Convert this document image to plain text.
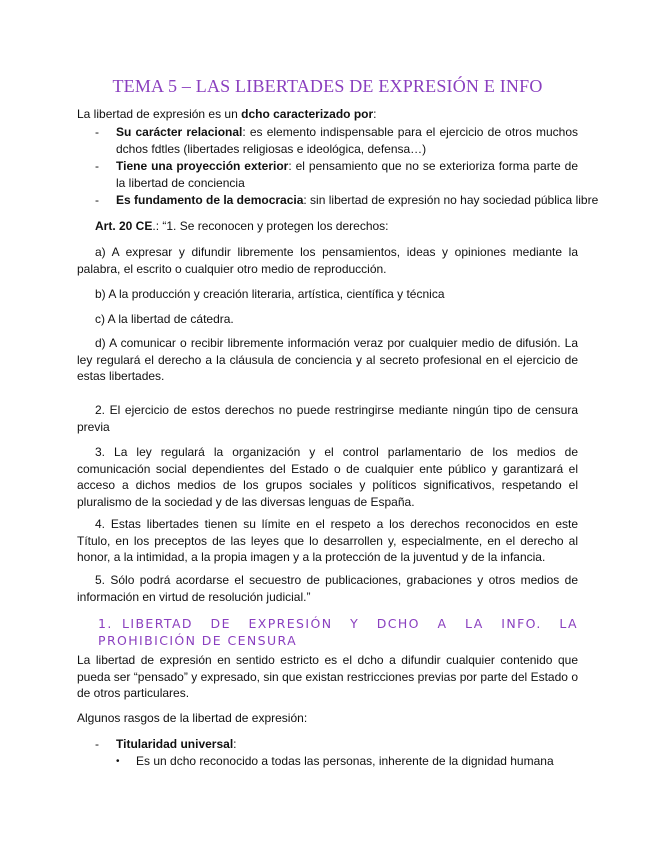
TEMA 5 – LAS LIBERTADES DE EXPRESIÓN E INFO
La libertad de expresión es un dcho caracterizado por:
- Su carácter relacional: es elemento indispensable para el ejercicio de otros muchos dchos fdtles (libertades religiosas e ideológica, defensa…)
- Tiene una proyección exterior: el pensamiento que no se exterioriza forma parte de la libertad de conciencia
- Es fundamento de la democracia: sin libertad de expresión no hay sociedad pública libre
Art. 20 CE.: “1. Se reconocen y protegen los derechos:
a) A expresar y difundir libremente los pensamientos, ideas y opiniones mediante la palabra, el escrito o cualquier otro medio de reproducción.
b) A la producción y creación literaria, artística, científica y técnica
c) A la libertad de cátedra.
d) A comunicar o recibir libremente información veraz por cualquier medio de difusión. La ley regulará el derecho a la cláusula de conciencia y al secreto profesional en el ejercicio de estas libertades.
2. El ejercicio de estos derechos no puede restringirse mediante ningún tipo de censura previa
3. La ley regulará la organización y el control parlamentario de los medios de comunicación social dependientes del Estado o de cualquier ente público y garantizará el acceso a dichos medios de los grupos sociales y políticos significativos, respetando el pluralismo de la sociedad y de las diversas lenguas de España.
4. Estas libertades tienen su límite en el respeto a los derechos reconocidos en este Título, en los preceptos de las leyes que lo desarrollen y, especialmente, en el derecho al honor, a la intimidad, a la propia imagen y a la protección de la juventud y de la infancia.
5. Sólo podrá acordarse el secuestro de publicaciones, grabaciones y otros medios de información en virtud de resolución judicial.”
1. LIBERTAD DE EXPRESIÓN Y DCHO A LA INFO. LA PROHIBICIÓN DE CENSURA
La libertad de expresión en sentido estricto es el dcho a difundir cualquier contenido que pueda ser “pensado” y expresado, sin que existan restricciones previas por parte del Estado o de otros particulares.
Algunos rasgos de la libertad de expresión:
- Titularidad universal:
• Es un dcho reconocido a todas las personas, inherente de la dignidad humana
